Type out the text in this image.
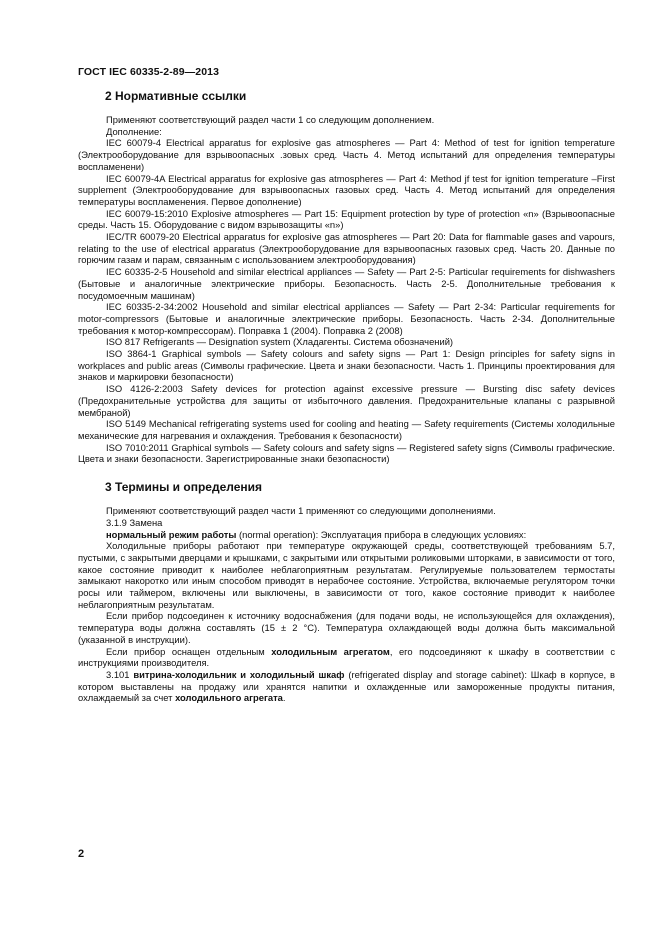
ГОСТ IEC 60335-2-89—2013
2 Нормативные ссылки

Применяют соответствующий раздел части 1 со следующим дополнением.

Дополнение:

IEC 60079-4 Electrical apparatus for explosive gas atmospheres — Part 4: Method of test for ignition temperature (Электрооборудование для взрывоопасных .зовых сред. Часть 4. Метод испытаний для определения температуры воспламенени)

IEC 60079-4A Electrical apparatus for explosive gas atmospheres — Part 4: Method jf test for ignition temperature –First supplement (Электрооборудование для взрывоопасных газовых сред. Часть 4. Метод испытаний для определения температуры воспламенения. Первое дополнение)

IEC 60079-15:2010 Explosive atmospheres — Part 15: Equipment protection by type of protection «n» (Взрывоопасные среды. Часть 15. Оборудование с видом взрывозащиты «n»)

IEC/TR 60079-20 Electrical apparatus for explosive gas atmospheres — Part 20: Data for flammable gases and vapours, relating to the use of electrical apparatus (Электрооборудование для взрывоопасных газовых сред. Часть 20. Данные по горючим газам и парам, связанным с использованием электрооборудования)

IEC 60335-2-5 Household and similar electrical appliances — Safety — Part 2-5: Particular requirements for dishwashers (Бытовые и аналогичные электрические приборы. Безопасность. Часть 2-5. Дополнительные требования к посудомоечным машинам)

IEC 60335-2-34:2002 Household and similar electrical appliances — Safety — Part 2-34: Particular requirements for motor-compressors (Бытовые и аналогичные электрические приборы. Безопасность. Часть 2-34. Дополнительные требования к мотор-компрессорам). Поправка 1 (2004). Поправка 2 (2008)

ISO 817 Refrigerants — Designation system (Хладагенты. Система обозначений)

ISO 3864-1 Graphical symbols — Safety colours and safety signs — Part 1: Design principles for safety signs in workplaces and public areas (Символы графические. Цвета и знаки безопасности. Часть 1. Принципы проектирования для знаков и маркировки безопасности)

ISO 4126-2:2003 Safety devices for protection against excessive pressure — Bursting disc safety devices (Предохранительные устройства для защиты от избыточного давления. Предохранительные клапаны с разрывной мембраной)

ISO 5149 Mechanical refrigerating systems used for cooling and heating — Safety requirements (Системы холодильные механические для нагревания и охлаждения. Требования к безопасности)

ISO 7010:2011 Graphical symbols — Safety colours and safety signs — Registered safety signs (Символы графические. Цвета и знаки безопасности. Зарегистрированные знаки безопасности)

3 Термины и определения

Применяют соответствующий раздел части 1 применяют со следующими дополнениями.

3.1.9 Замена

нормальный режим работы (normal operation): Эксплуатация прибора в следующих условиях:

Холодильные приборы работают при температуре окружающей среды, соответствующей требованиям 5.7, пустыми, с закрытыми дверцами и крышками, с закрытыми или открытыми роликовыми шторками, в зависимости от того, какое состояние приводит к наиболее неблагоприятным результатам. Регулируемые пользователем термостаты замыкают накоротко или иным способом приводят в нерабочее состояние. Устройства, включаемые регулятором точки росы или таймером, включены или выключены, в зависимости от того, какое состояние приводит к наиболее неблагоприятным результатам.

Если прибор подсоединен к источнику водоснабжения (для подачи воды, не использующейся для охлаждения), температура воды должна составлять (15 ± 2 °C). Температура охлаждающей воды должна быть максимальной (указанной в инструкции).

Если прибор оснащен отдельным холодильным агрегатом, его подсоединяют к шкафу в соответствии с инструкциями производителя.

3.101 витрина-холодильник и холодильный шкаф (refrigerated display and storage cabinet): Шкаф в корпусе, в котором выставлены на продажу или хранятся напитки и охлажденные или замороженные продукты питания, охлаждаемый за счет холодильного агрегата.

2
